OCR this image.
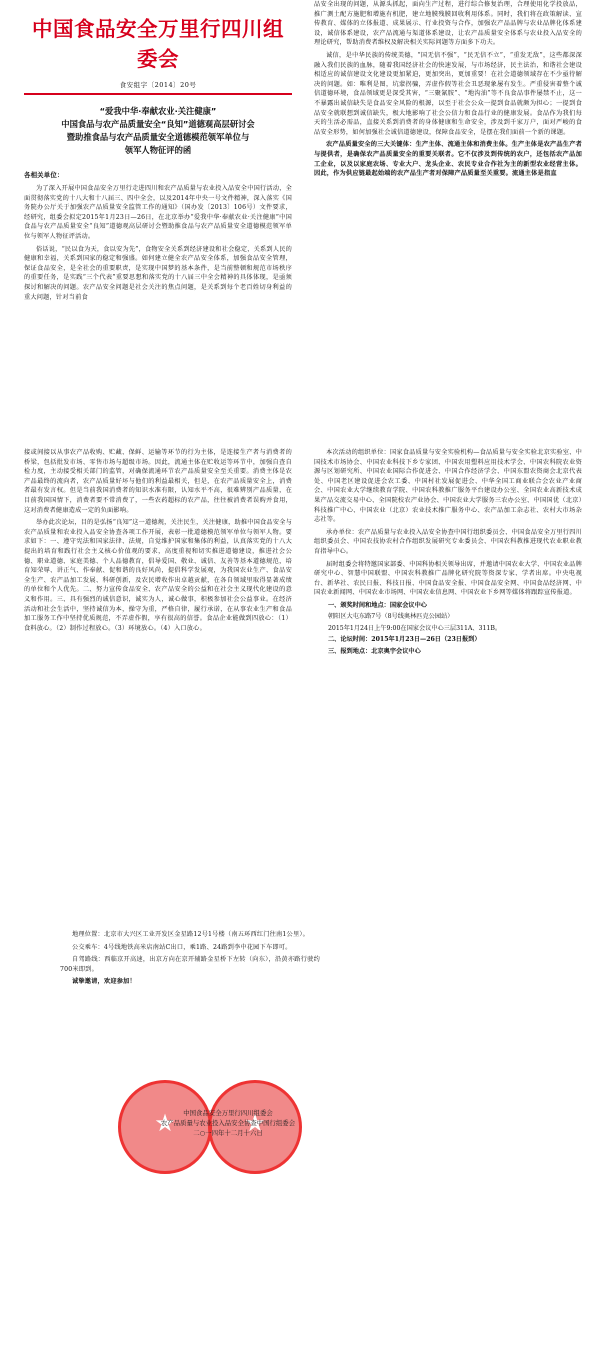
中国食品安全万里行四川组委会
食安组字〔2014〕20号
“爱我中华·奉献农业·关注健康”
中国食品与农产品质量安全“良知”道德观高层研讨会
暨助推食品与农产品质量安全道德模范领军单位与
领军人物征评的函

各相关单位：

为了深入开展中国食品安全万里行走进四川和农产品质量与农业投入品安全中国行活动，全面贯彻落实党的十八大和十八届三、四中全会，以及2014年中央一号文件精神，深入落实《国务院办公厅关于加强农产品质量安全监管工作的通知》（国办发〔2013〕106号）文件要求，经研究，组委会拟定2015年1月23日—26日，在北京举办“爱我中华·奉献农业·关注健康”中国食品与农产品质量安全“良知”道德观高层研讨会暨助推食品与农产品质量安全道德模范领军单位与领军人物征评活动。

俗话说，“民以食为天，食以安为先”，食物安全关系到经济建设和社会稳定，关系到人民的健康和幸福，关系到国家的稳定和强盛。如何建立健全农产品安全体系，加强食品安全管理，保证食品安全，是全社会的重要职责，是实现中国梦的基本条件，是当前整顿和规范市场秩序的重要任务，是实践“三个代表”重要思想和落实党的十八届三中全会精神的具体体现，是亟须探讨和解决的问题。农产品安全问题是社会关注的焦点问题，是关系到每个老百姓切身利益的重大问题，针对当前食

品安全出现的问题，从源头抓起，面向生产过程，进行综合修复治理，合理使用化学投放品，推广测土配方施肥和增施有机肥，建立地膜残膜回收利用体系。同时，我们将在政策解读、宣传教育、媒体的立体报道、成果展示、行业投资与合作，加强农产品品牌与农业品牌化体系建设，诚信体系建设，农产品流通与渠道体系建设，让农产品质量安全体系与农业投入品安全的理论研究，帮助消费者维权及解决相关实际问题等方面多下功夫。

诚信，是中华民族的传统美德，“国无信不强”，“民无信不立”，“重发无敌”，这些都深深融入我们民族的血脉，随着我国经济社会的快速发展，与市场经济，民主法治，和谐社会建设相适应的诚信建设文化建设更加紧迫，更加突出，更加重要！在社会道德领域存在不少亟待解决的问题。如：唯利是图，坑蒙拐骗，弄虚作假等社会丑恶现象屡有发生。严重侵害着整个诚信道德环境，食品领域更是深受其害，“三聚氰胺”、“地沟油”等不良食品事件屡禁不止，这一不暴露出诚信缺失是食品安全风险的根源，以至于社会公众一提到食品就颇为担心；一提到食品安全就联想到诚信缺失，极大地影响了社会公信力和食品行业的健康发展。食品作为我们每天的生活必需品，直接关系到消费者的身体健康和生命安全，涉及到千家万户，面对严峻的食品安全形势，如何加强社会诚信道德建设，保障食品安全，是摆在我们面前一个新的课题。

农产品质量安全的三大关键体：生产主体、流通主体和消费主体。生产主体是农产品生产者与提供者，是确保农产品质量安全的重要关联者。它不仅涉及到传统的农户，还包括农产品加工企业，以及以家庭农场、专业大户、龙头企业、农民专业合作社为主的新型农业经营主体。因此，作为供应链最起始端的农产品生产者对保障产品质量至关重要。流通主体是指直

接或间接以从事农产品收购、贮藏、保鲜、运输等环节的行为主体，是连接生产者与消费者的桥梁，包括批发市场、零售市场与超级市场。因此，流通主体在贮收运等环节中，加强自查自检力度，主动接受相关部门的监管，对确保流通环节农产品质量安全至关重要。消费主体是农产品最终的流向者，农产品质量好坏与他们的利益最相关，但是，在农产品质量安全上，消费者最有发言权。但是当前我国消费者的知识水准有限，认知水平不高，很难辨别产品质量，在目前我国国情下，消费者要不常消费了，一些农药超标的农产品，往往被消费者误购并食用，这对消费者健康造成一定的负面影响。

举办此次论坛，目的是弘扬“良知”这一道德规，关注民生，关注健康，助推中国食品安全与农产品质量和农业投入品安全协查各项工作开展，表彰一批道德模范领军单位与领军人物。要求如下：一、遵守宪法和国家法律、法规，自觉维护国家和集体的利益，认真落实党的十八大提出的培育和践行社会主义核心价值观的要求，高度重视和切实推进道德建设，推进社会公德、职业道德、家庭美德、个人品德教育，倡导爱国、敬业、诚信、友善等基本道德规范，培育知荣辱、讲正气、作奉献、促和谐的良好风尚，提倡科学发展观，为我国农业生产、食品安全生产、农产品加工发展、科研创新，及农民增收作出卓越贡献，在各自领域里取得显著成绩的单位和个人优先。二、努力宣传食品安全、农产品安全的公益和在社会主义现代化建设的意义和作用。三、具有强烈的诚信意识，诚实为人，诚心做事，积极参加社会公益事业。在经济活动和社会生活中，坚持诚信为本，操守为重，严格自律，履行承诺，在从事农业生产和食品加工服务工作中坚持优质规范，不弄虚作假，享有很高的信誉。食品企业能做到四放心：（1）食料放心。（2）制作过程放心。（3）环境放心。（4）入口放心。

本次活动的组织单位：国家食品质量与安全实验机构—食品质量与安全实验北京实验室、中国技术市场协会、中国农业科技下乡专家团、中国农用塑料应用技术学会、中国农科院农业资源与区划研究所、中国农业国际合作促进会、中国合作经济学会、中国东盟农资商会北京代表处、中国老区建设促进会农工委、中国村社发展促进会、中华全国工商业联合会农业产业商会、中国农业大学继续教育学院、中国农科教推广服务平台建设办公室、全国农业高新技术成果产品交流交易中心、全国院校农产业协会、中国农业大学服务三农办公室、中国国优（北京）科技推广中心、中国农业（北京）农业技术推广服务中心、农产品加工杂志社、农村大市场杂志社等。

承办单位：农产品质量与农业投入品安全协查中国行组织委员会、中国食品安全万里行四川组织委员会、中国农技协农村合作组织发展研究专业委员会、中国农科教推进现代农业职业教育指导中心。

届时组委会将特邀国家部委、中国科协相关领导出席，并邀请中国农业大学、中国农业品牌研究中心、智慧中国联盟、中国农科教推广品牌化研究院等资深专家、学者出席。中央电视台、新华社、农民日报、科技日报、中国食品安全报、中国食品安全网、中国食品经济网、中国农业新闻网、中国农业市场网、中国农业信息网、中国农业下乡网等媒体将跟踪宣传报道。

一、颁奖时间和地点：国家会议中心
朝阳区大屯东路7号（8号线奥林匹克公园站）
2015年1月24日上午9:00在国家会议中心三层311A、311B。
二、论坛时间：2015年1月23日—26日（23日报到）
三、报到地点：北京奥宇会议中心

地理位置：北京市大兴区工业开发区金星路12号1号楼（南五环西红门往南1公里）。

公交乘车：4号线地铁高米店南站C出口，乘1路、24路到李中花园下车即可。

自驾路线：西临京开高速，出京方向在京开辅路金星桥下左转（向东），沿黄亦路行驶约700米即到。

诚挚邀请，欢迎参加！

★	★
中国食品安全万里行四川组委会
农产品质量与农业投入品安全协查中国行组委会
二○一四年十二月十六日
